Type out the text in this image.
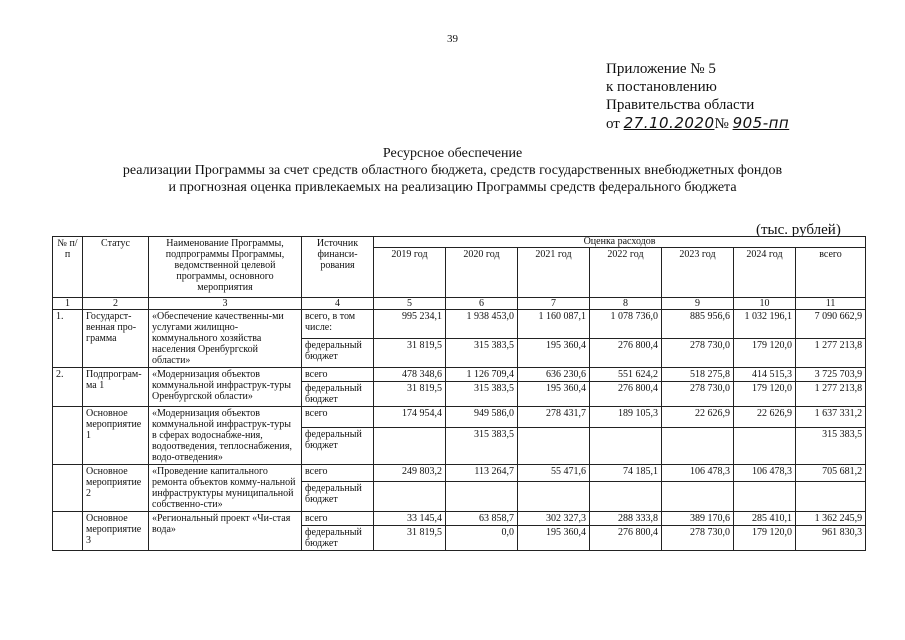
39
Приложение № 5
к постановлению
Правительства области
от 27.10.2020№ 905-пп
Ресурсное обеспечение
реализации Программы за счет средств областного бюджета, средств государственных внебюджетных фондов
и прогнозная оценка привлекаемых на реализацию Программы средств федерального бюджета
(тыс. рублей)
№ п/п	Статус	Наименование Программы, подпрограммы Программы, ведомственной целевой программы, основного мероприятия	Источник финанси-рования	Оценка расходов						
				2019 год	2020 год	2021 год	2022 год	2023 год	2024 год	всего
1	2	3	4	5	6	7	8	9	10	11
1.	Государст-венная про-грамма	«Обеспечение качественны-ми услугами жилищно-коммунального хозяйства населения Оренбургской области»	всего, в том числе:	995 234,1	1 938 453,0	1 160 087,1	1 078 736,0	885 956,6	1 032 196,1	7 090 662,9
			федеральный бюджет	31 819,5	315 383,5	195 360,4	276 800,4	278 730,0	179 120,0	1 277 213,8
2.	Подпрограм-ма 1	«Модернизация объектов коммунальной инфраструк-туры Оренбургской области»	всего	478 348,6	1 126 709,4	636 230,6	551 624,2	518 275,8	414 515,3	3 725 703,9
			федеральный бюджет	31 819,5	315 383,5	195 360,4	276 800,4	278 730,0	179 120,0	1 277 213,8
	Основное мероприятие 1	«Модернизация объектов коммунальной инфраструк-туры в сферах водоснабже-ния, водоотведения, теплоснабжения, водо-отведения»	всего	174 954,4	949 586,0	278 431,7	189 105,3	22 626,9	22 626,9	1 637 331,2
			федеральный бюджет		315 383,5					315 383,5
	Основное мероприятие 2	«Проведение капитального ремонта объектов комму-нальной инфраструктуры муниципальной собственно-сти»	всего	249 803,2	113 264,7	55 471,6	74 185,1	106 478,3	106 478,3	705 681,2
			федеральный бюджет							
	Основное мероприятие 3	«Региональный проект «Чи-стая вода»	всего	33 145,4	63 858,7	302 327,3	288 333,8	389 170,6	285 410,1	1 362 245,9
			федеральный бюджет	31 819,5	0,0	195 360,4	276 800,4	278 730,0	179 120,0	961 830,3
